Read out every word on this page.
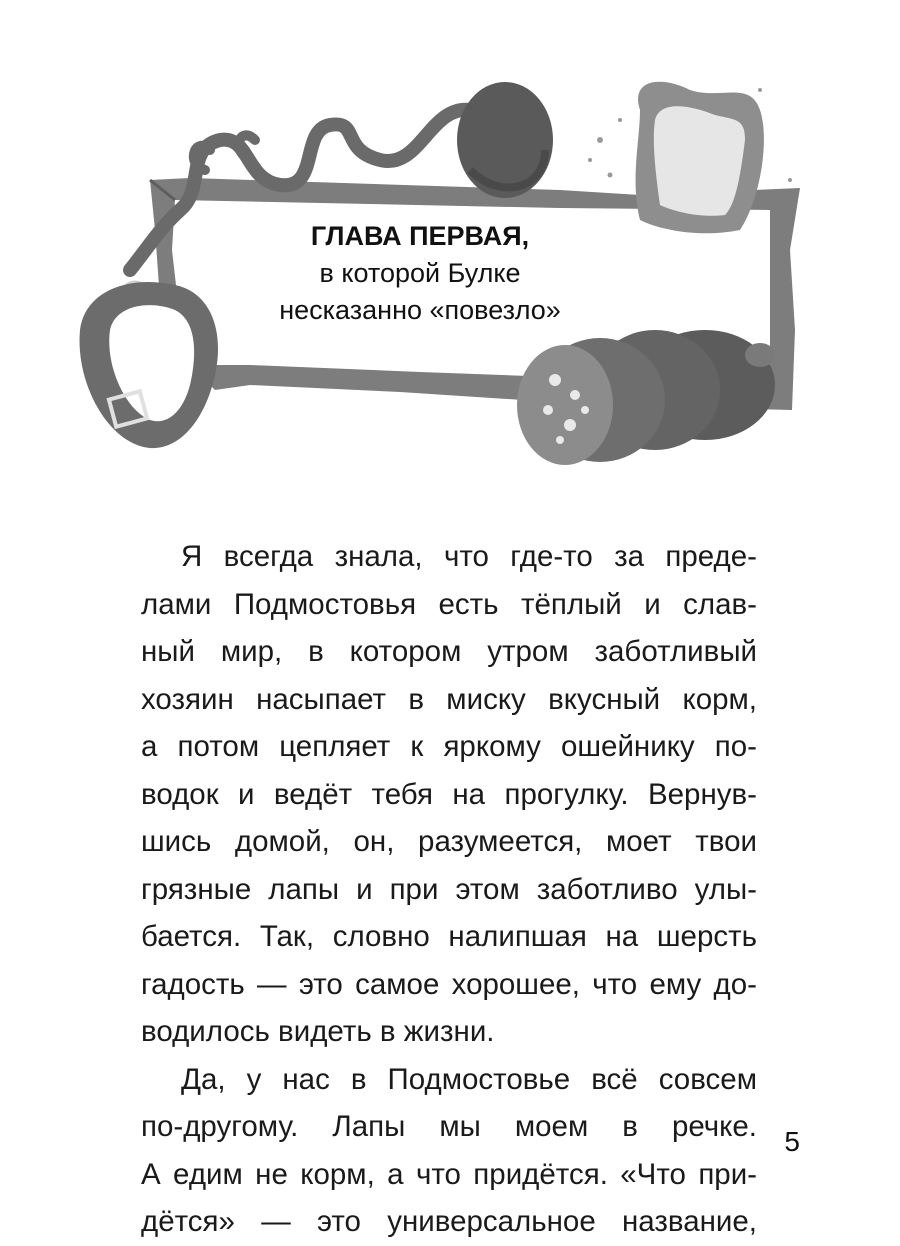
ГЛАВА ПЕРВАЯ,
в которой Булке
несказанно «повезло»
Я всегда знала, что где-то за преде-
лами Подмостовья есть тёплый и слав-
ный мир, в котором утром заботливый
хозяин насыпает в миску вкусный корм,
а потом цепляет к яркому ошейнику по-
водок и ведёт тебя на прогулку. Вернув-
шись домой, он, разумеется, моет твои
грязные лапы и при этом заботливо улы-
бается. Так, словно налипшая на шерсть
гадость — это самое хорошее, что ему до-
водилось видеть в жизни.
Да, у нас в Подмостовье всё совсем
по-другому. Лапы мы моем в речке.
А едим не корм, а что придётся. «Что при-
дётся» — это универсальное название,
5
